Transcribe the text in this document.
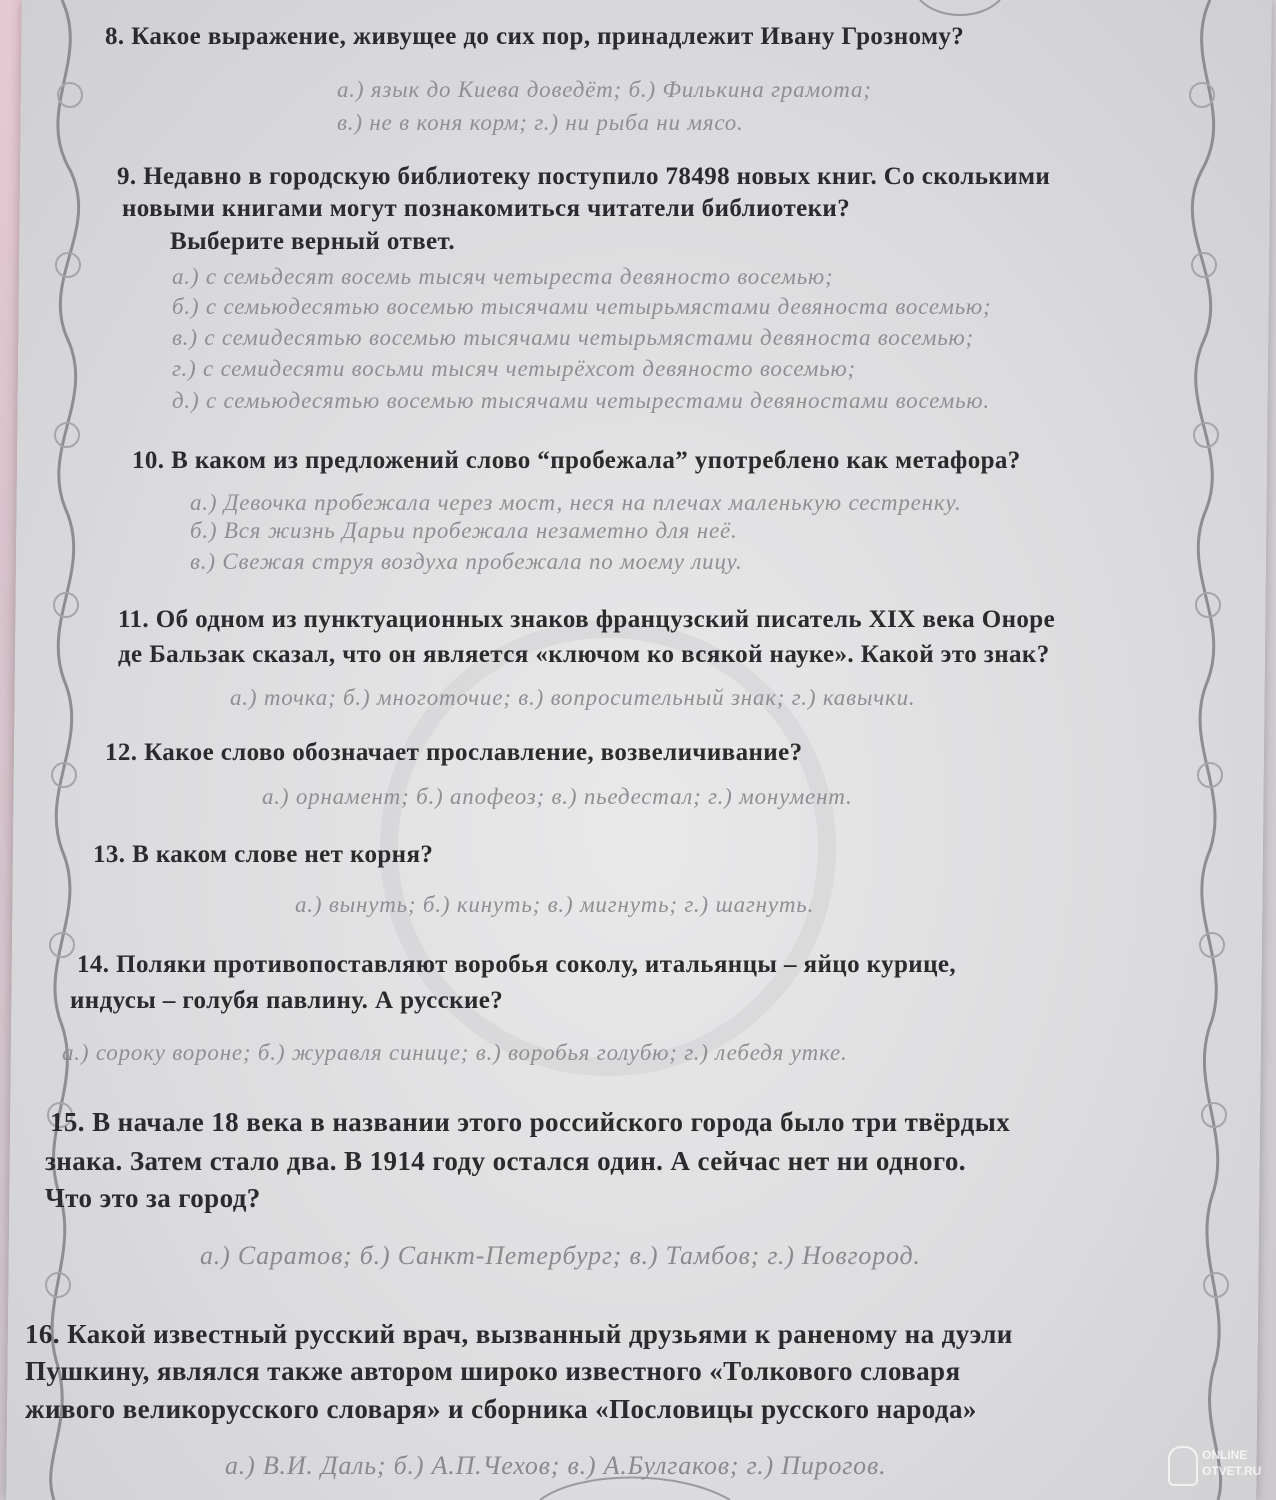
8. Какое выражение, живущее до сих пор, принадлежит Ивану Грозному?
а.) язык до Киева доведёт; б.) Филькина грамота;
в.) не в коня корм; г.) ни рыба ни мясо.
9. Недавно в городскую библиотеку поступило 78498 новых книг. Со сколькими
новыми книгами могут познакомиться читатели библиотеки?
Выберите верный ответ.
а.) с семьдесят восемь тысяч четыреста девяносто восемью;
б.) с семьюдесятью восемью тысячами четырьмястами девяноста восемью;
в.) с семидесятью восемью тысячами четырьмястами девяноста восемью;
г.) с семидесяти восьми тысяч четырёхсот девяносто восемью;
д.) с семьюдесятью восемью тысячами четырестами девяностами восемью.
10. В каком из предложений слово “пробежала” употреблено как метафора?
а.) Девочка пробежала через мост, неся на плечах маленькую сестренку.
б.) Вся жизнь Дарьи пробежала незаметно для неё.
в.) Свежая струя воздуха пробежала по моему лицу.
11. Об одном из пунктуационных знаков французский писатель XIX века Оноре
де Бальзак сказал, что он является «ключом ко всякой науке». Какой это знак?
а.) точка; б.) многоточие; в.) вопросительный знак; г.) кавычки.
12. Какое слово обозначает прославление, возвеличивание?
а.) орнамент; б.) апофеоз; в.) пьедестал; г.) монумент.
13. В каком слове нет корня?
а.) вынуть; б.) кинуть; в.) мигнуть; г.) шагнуть.
14. Поляки противопоставляют воробья соколу, итальянцы – яйцо курице,
индусы – голубя павлину. А русские?
а.) сороку вороне; б.) журавля синице; в.) воробья голубю; г.) лебедя утке.
15. В начале 18 века в названии этого российского города было три твёрдых
знака. Затем стало два. В 1914 году остался один. А сейчас нет ни одного.
Что это за город?
а.) Саратов; б.) Санкт-Петербург; в.) Тамбов; г.) Новгород.
16. Какой известный русский врач, вызванный друзьями к раненому на дуэли
Пушкину, являлся также автором широко известного «Толкового словаря
живого великорусского словаря» и сборника «Пословицы русского народа»
а.) В.И. Даль; б.) А.П.Чехов; в.) А.Булгаков; г.) Пирогов.	ONLINE
OTVET.RU
